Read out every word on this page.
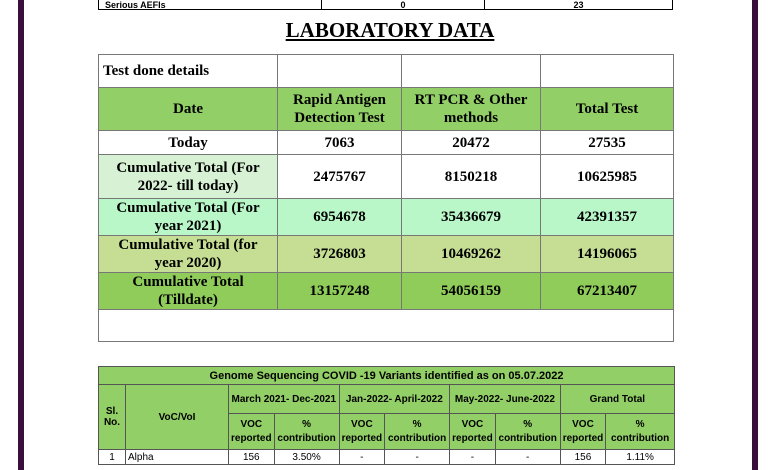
Serious AEFIs	0	23
LABORATORY DATA
Test done details			
Date	Rapid Antigen Detection Test	RT PCR & Other methods	Total Test
Today	7063	20472	27535
Cumulative Total (For 2022- till today)	2475767	8150218	10625985
Cumulative Total (For year 2021)	6954678	35436679	42391357
Cumulative Total (for year 2020)	3726803	10469262	14196065
Cumulative Total (Tilldate)	13157248	54056159	67213407

Genome Sequencing COVID -19 Variants identified as on 05.07.2022									
Sl. No.	VoC/VoI	March 2021- Dec-2021		Jan-2022- April-2022		May-2022- June-2022		Grand Total	
		VOC reported	% contribution	VOC reported	% contribution	VOC reported	% contribution	VOC reported	% contribution
1	Alpha	156	3.50%	-	-	-	-	156	1.11%
